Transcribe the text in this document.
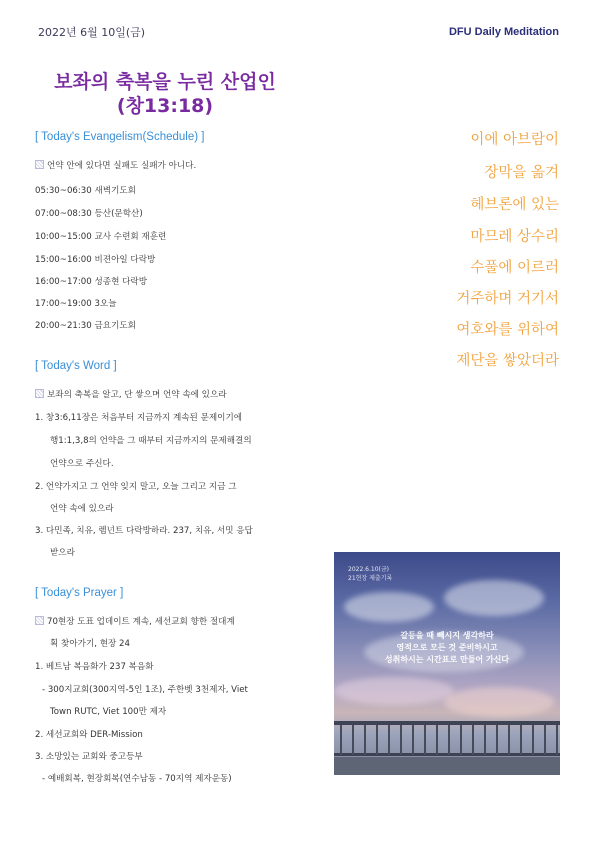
2022년 6월 10일(금)	DFU Daily Meditation
보좌의 축복을 누린 산업인
(창13:18)
[ Today's Evangelism(Schedule) ]
언약 안에 있다면 실패도 실패가 아니다.
05:30~06:30 새벽기도회
07:00~08:30 등산(문학산)
10:00~15:00 교사 수련회 재훈련
15:00~16:00 비젼아일 다락방
16:00~17:00 성종현 다락방
17:00~19:00 3오늘
20:00~21:30 금요기도회
[ Today's Word ]
보좌의 축복을 알고, 단 쌓으며 언약 속에 있으라
1. 창3:6,11장은 처음부터 지금까지 계속된 문제이기에
행1:1,3,8의 언약을 그 때부터 지금까지의 문제해결의
언약으로 주신다.
2. 언약가지고 그 언약 잊지 말고, 오늘 그리고 지금 그
언약 속에 있으라
3. 다민족, 치유, 렘넌트 다락방하라. 237, 치유, 서밋 응답
받으라
[ Today's Prayer ]
70현장 도표 업데이트 계속, 세선교회 향한 절대계
획 찾아가기, 현장 24
1. 베트남 복음화가 237 복음화
- 300지교회(300지역-5인 1조), 주한벳 3천제자, Viet
Town RUTC, Viet 100만 제자
2. 세선교회와 DER-Mission
3. 소망있는 교회와 중고등부
- 예배회복, 현장회복(연수남동 - 70지역 제자운동)
이에 아브람이
장막을 옮겨
헤브론에 있는
마므레 상수리
수풀에 이르러
거주하며 거기서
여호와를 위하여
제단을 쌓았더라
2022.6.10(금)
21현장 제출기록
갈등을 때 빼시지 생각하라
영적으로 모든 것 준비하시고
성취하시는 시간표로 만들어 가신다
